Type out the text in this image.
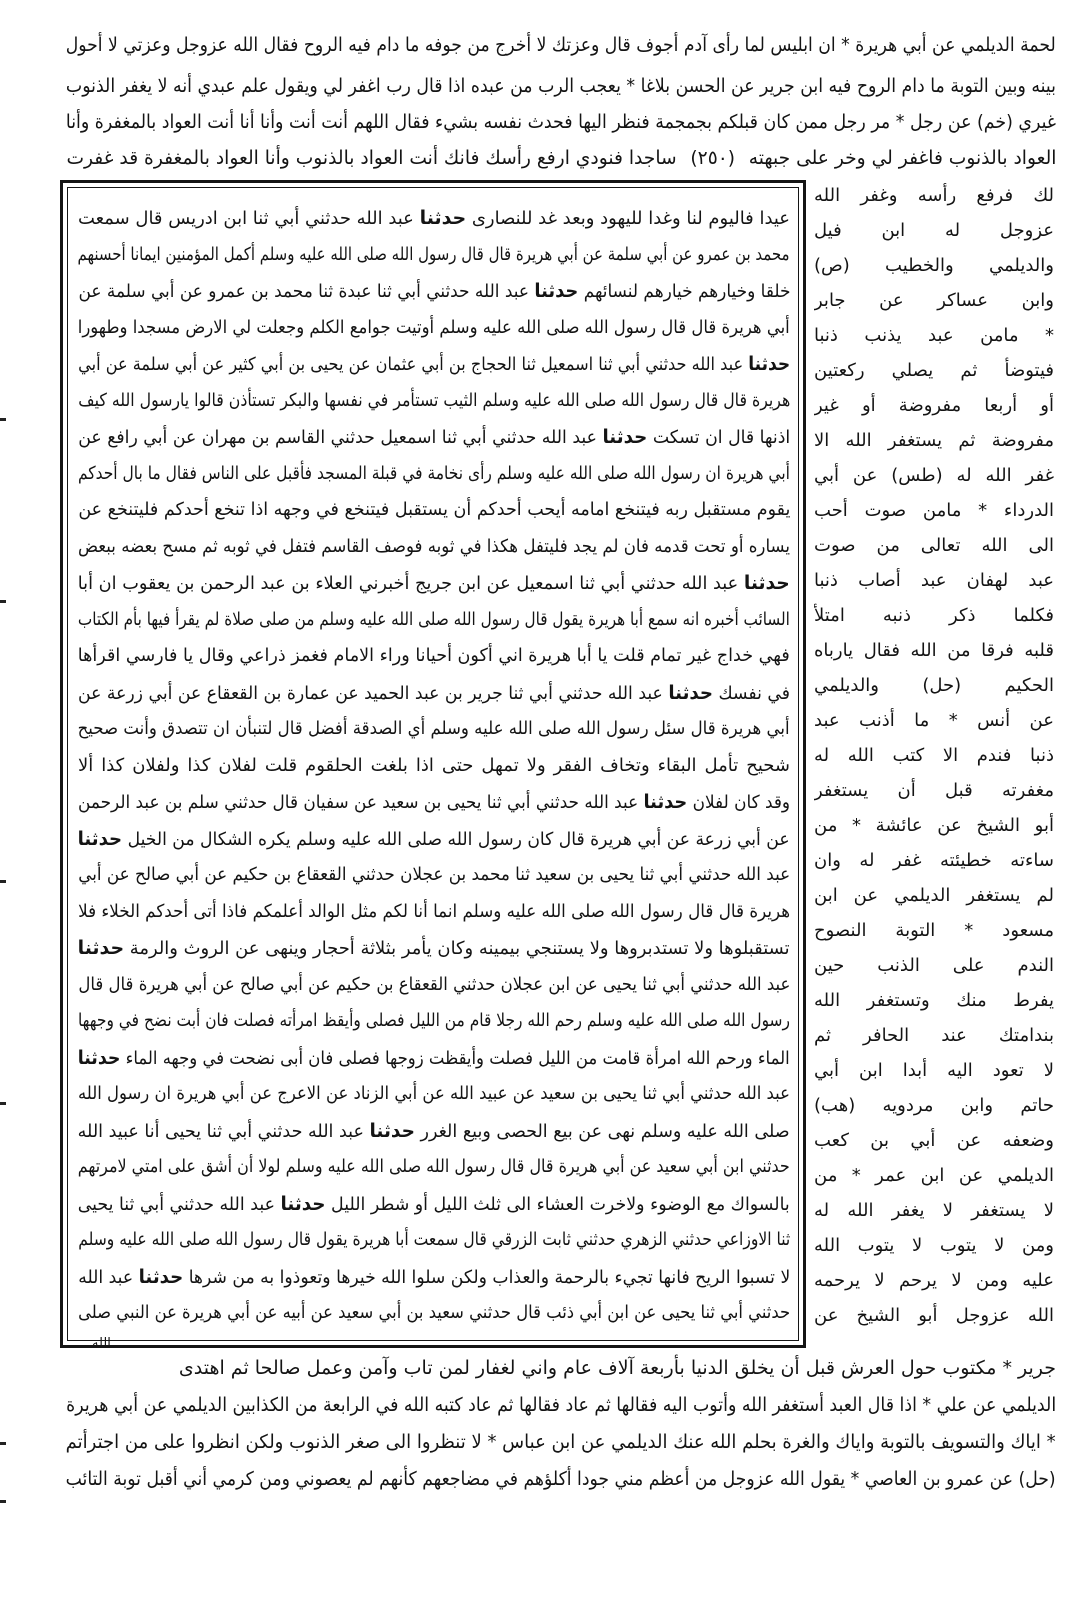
لحمة الديلمي عن أبي هريرة * ان ابليس لما رأى آدم أجوف قال وعزتك لا أخرج من جوفه ما دام فيه الروح فقال الله عزوجل وعزتي لا أحول
بينه وبين التوبة ما دام الروح فيه ابن جرير عن الحسن بلاغا * يعجب الرب من عبده اذا قال رب اغفر لي ويقول علم عبدي أنه لا يغفر الذنوب
غيري (خم) عن رجل * مر رجل ممن كان قبلكم بجمجمة فنظر اليها فحدث نفسه بشيء فقال اللهم أنت أنت وأنا أنا أنت العواد بالمغفرة وأنا
العواد بالذنوب فاغفر لي وخر على جبهته(٢٥٠)ساجدا فنودي ارفع رأسك فانك أنت العواد بالذنوب وأنا العواد بالمغفرة قد غفرت
عيدا فاليوم لنا وغدا لليهود وبعد غد للنصارى حدثنا عبد الله حدثني أبي ثنا ابن ادريس قال سمعت
محمد بن عمرو عن أبي سلمة عن أبي هريرة قال قال رسول الله صلى الله عليه وسلم أكمل المؤمنين ايمانا أحسنهم
خلقا وخيارهم خيارهم لنسائهم حدثنا عبد الله حدثني أبي ثنا عبدة ثنا محمد بن عمرو عن أبي سلمة عن
أبي هريرة قال قال رسول الله صلى الله عليه وسلم أوتيت جوامع الكلم وجعلت لي الارض مسجدا وطهورا
حدثنا عبد الله حدثني أبي ثنا اسمعيل ثنا الحجاج بن أبي عثمان عن يحيى بن أبي كثير عن أبي سلمة عن أبي
هريرة قال قال رسول الله صلى الله عليه وسلم الثيب تستأمر في نفسها والبكر تستأذن قالوا يارسول الله كيف
اذنها قال ان تسكت حدثنا عبد الله حدثني أبي ثنا اسمعيل حدثني القاسم بن مهران عن أبي رافع عن
أبي هريرة ان رسول الله صلى الله عليه وسلم رأى نخامة في قبلة المسجد فأقبل على الناس فقال ما بال أحدكم
يقوم مستقبل ربه فيتنخع امامه أيحب أحدكم أن يستقبل فيتنخع في وجهه اذا تنخع أحدكم فليتنخع عن
يساره أو تحت قدمه فان لم يجد فليتفل هكذا في ثوبه فوصف القاسم فتفل في ثوبه ثم مسح بعضه ببعض
حدثنا عبد الله حدثني أبي ثنا اسمعيل عن ابن جريج أخبرني العلاء بن عبد الرحمن بن يعقوب ان أبا
السائب أخبره انه سمع أبا هريرة يقول قال رسول الله صلى الله عليه وسلم من صلى صلاة لم يقرأ فيها بأم الكتاب
فهي خداج غير تمام قلت يا أبا هريرة اني أكون أحيانا وراء الامام فغمز ذراعي وقال يا فارسي اقرأها
في نفسك حدثنا عبد الله حدثني أبي ثنا جرير بن عبد الحميد عن عمارة بن القعقاع عن أبي زرعة عن
أبي هريرة قال سئل رسول الله صلى الله عليه وسلم أي الصدقة أفضل قال لتنبأن ان تتصدق وأنت صحيح
شحيح تأمل البقاء وتخاف الفقر ولا تمهل حتى اذا بلغت الحلقوم قلت لفلان كذا ولفلان كذا ألا
وقد كان لفلان حدثنا عبد الله حدثني أبي ثنا يحيى بن سعيد عن سفيان قال حدثني سلم بن عبد الرحمن
عن أبي زرعة عن أبي هريرة قال كان رسول الله صلى الله عليه وسلم يكره الشكال من الخيل حدثنا
عبد الله حدثني أبي ثنا يحيى بن سعيد ثنا محمد بن عجلان حدثني القعقاع بن حكيم عن أبي صالح عن أبي
هريرة قال قال رسول الله صلى الله عليه وسلم انما أنا لكم مثل الوالد أعلمكم فاذا أتى أحدكم الخلاء فلا
تستقبلوها ولا تستدبروها ولا يستنجي بيمينه وكان يأمر بثلاثة أحجار وينهى عن الروث والرمة حدثنا
عبد الله حدثني أبي ثنا يحيى عن ابن عجلان حدثني القعقاع بن حكيم عن أبي صالح عن أبي هريرة قال قال
رسول الله صلى الله عليه وسلم رحم الله رجلا قام من الليل فصلى وأيقظ امرأته فصلت فان أبت نضح في وجهها
الماء ورحم الله امرأة قامت من الليل فصلت وأيقظت زوجها فصلى فان أبى نضحت في وجهه الماء حدثنا
عبد الله حدثني أبي ثنا يحيى بن سعيد عن عبيد الله عن أبي الزناد عن الاعرج عن أبي هريرة ان رسول الله
صلى الله عليه وسلم نهى عن بيع الحصى وبيع الغرر حدثنا عبد الله حدثني أبي ثنا يحيى أنا عبيد الله
حدثني ابن أبي سعيد عن أبي هريرة قال قال رسول الله صلى الله عليه وسلم لولا أن أشق على امتي لامرتهم
بالسواك مع الوضوء ولاخرت العشاء الى ثلث الليل أو شطر الليل حدثنا عبد الله حدثني أبي ثنا يحيى
ثنا الاوزاعي حدثني الزهري حدثني ثابت الزرقي قال سمعت أبا هريرة يقول قال رسول الله صلى الله عليه وسلم
لا تسبوا الريح فانها تجيء بالرحمة والعذاب ولكن سلوا الله خيرها وتعوذوا به من شرها حدثنا عبد الله
حدثني أبي ثنا يحيى عن ابن أبي ذئب قال حدثني سعيد بن أبي سعيد عن أبيه عن أبي هريرة عن النبي صلى
لك فرفع رأسه وغفر الله
عزوجل له ابن فيل
والديلمي والخطيب (ص)
وابن عساكر عن جابر
* مامن عبد يذنب ذنبا
فيتوضأ ثم يصلي ركعتين
أو أربعا مفروضة أو غير
مفروضة ثم يستغفر الله الا
غفر الله له (طس) عن أبي
الدرداء * مامن صوت أحب
الى الله تعالى من صوت
عبد لهفان عبد أصاب ذنبا
فكلما ذكر ذنبه امتلأ
قلبه فرقا من الله فقال يارباه
الحكيم (حل) والديلمي
عن أنس * ما أذنب عبد
ذنبا فندم الا كتب الله له
مغفرته قبل أن يستغفر
أبو الشيخ عن عائشة * من
ساءته خطيئته غفر له وان
لم يستغفر الديلمي عن ابن
مسعود * التوبة النصوح
الندم على الذنب حين
يفرط منك وتستغفر الله
بندامتك عند الحافر ثم
لا تعود اليه أبدا ابن أبي
حاتم وابن مردويه (هب)
وضعفه عن أبي بن كعب
الديلمي عن ابن عمر * من
لا يستغفر لا يغفر الله له
ومن لا يتوب لا يتوب الله
عليه ومن لا يرحم لا يرحمه
الله عزوجل أبو الشيخ عن
الله
جرير * مكتوب حول العرش قبل أن يخلق الدنيا بأربعة آلاف عام واني لغفار لمن تاب وآمن وعمل صالحا ثم اهتدى
الديلمي عن علي * اذا قال العبد أستغفر الله وأتوب اليه فقالها ثم عاد فقالها ثم عاد كتبه الله في الرابعة من الكذابين الديلمي عن أبي هريرة
* اياك والتسويف بالتوبة واياك والغرة بحلم الله عنك الديلمي عن ابن عباس * لا تنظروا الى صغر الذنوب ولكن انظروا على من اجترأتم
(حل) عن عمرو بن العاصي * يقول الله عزوجل من أعظم مني جودا أكلؤهم في مضاجعهم كأنهم لم يعصوني ومن كرمي أني أقبل توبة التائب
